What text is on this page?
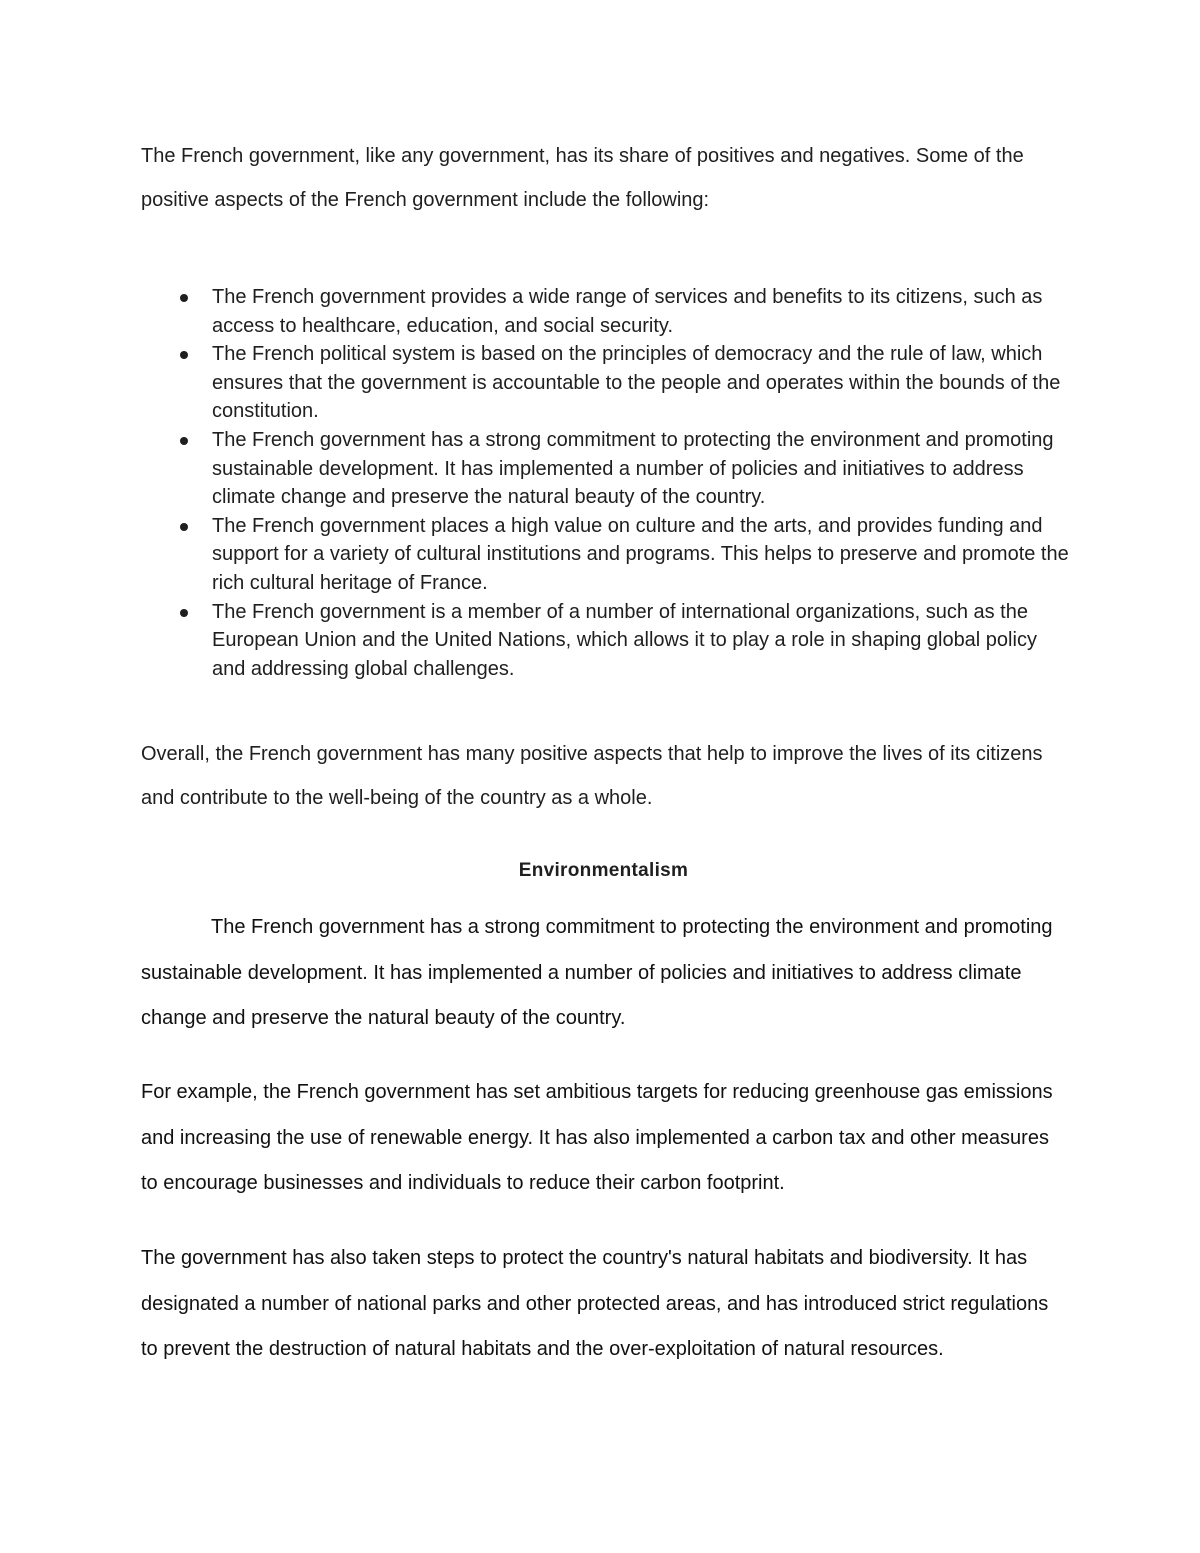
The French government, like any government, has its share of positives and negatives. Some of the positive aspects of the French government include the following:

The French government provides a wide range of services and benefits to its citizens, such as access to healthcare, education, and social security.
The French political system is based on the principles of democracy and the rule of law, which ensures that the government is accountable to the people and operates within the bounds of the constitution.
The French government has a strong commitment to protecting the environment and promoting sustainable development. It has implemented a number of policies and initiatives to address climate change and preserve the natural beauty of the country.
The French government places a high value on culture and the arts, and provides funding and support for a variety of cultural institutions and programs. This helps to preserve and promote the rich cultural heritage of France.
The French government is a member of a number of international organizations, such as the European Union and the United Nations, which allows it to play a role in shaping global policy and addressing global challenges.

Overall, the French government has many positive aspects that help to improve the lives of its citizens and contribute to the well-being of the country as a whole.

Environmentalism

The French government has a strong commitment to protecting the environment and promoting sustainable development. It has implemented a number of policies and initiatives to address climate change and preserve the natural beauty of the country.

For example, the French government has set ambitious targets for reducing greenhouse gas emissions and increasing the use of renewable energy. It has also implemented a carbon tax and other measures to encourage businesses and individuals to reduce their carbon footprint.

The government has also taken steps to protect the country's natural habitats and biodiversity. It has designated a number of national parks and other protected areas, and has introduced strict regulations to prevent the destruction of natural habitats and the over-exploitation of natural resources.
